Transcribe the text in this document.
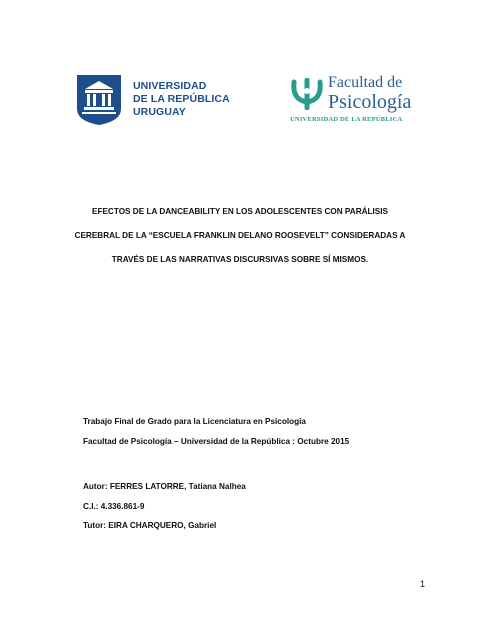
UNIVERSIDAD
DE LA REPÚBLICA
URUGUAY
Facultad de
Psicología
UNIVERSIDAD DE LA REPÚBLICA
EFECTOS DE LA DANCEABILITY EN LOS ADOLESCENTES CON PARÁLISIS
CEREBRAL DE LA “ESCUELA FRANKLIN DELANO ROOSEVELT” CONSIDERADAS A
TRAVÉS DE LAS NARRATIVAS DISCURSIVAS SOBRE SÍ MISMOS.
Trabajo Final de Grado para la Licenciatura en Psicología
Facultad de Psicología – Universidad de la República : Octubre 2015
Autor: FERRES LATORRE, Tatiana Nalhea
C.I.: 4.336.861-9
Tutor: EIRA CHARQUERO, Gabriel
1
